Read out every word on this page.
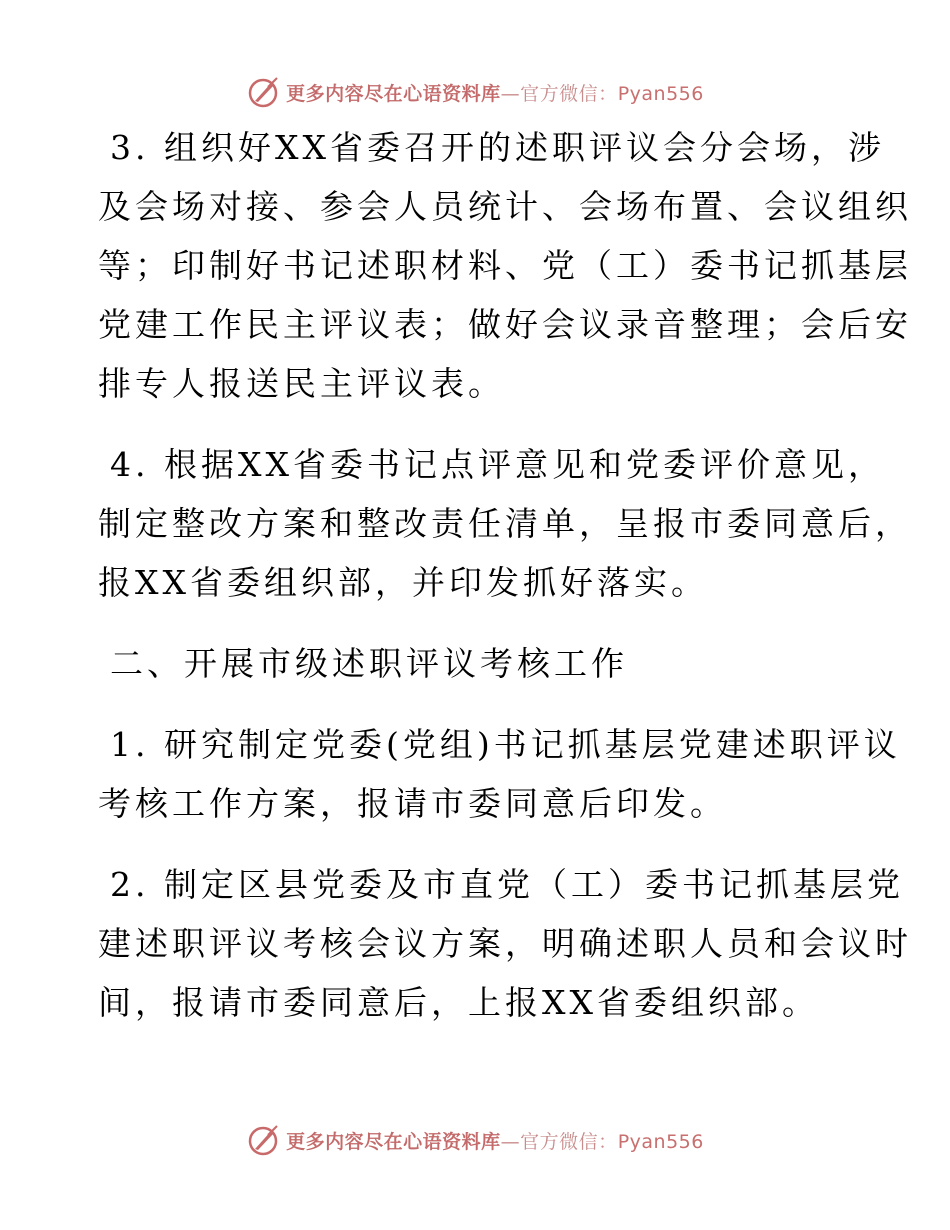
更多内容尽在心语资料库—官方微信：Pyan556
3. 组织好XX省委召开的述职评议会分会场，涉
及会场对接、参会人员统计、会场布置、会议组织
等；印制好书记述职材料、党（工）委书记抓基层
党建工作民主评议表；做好会议录音整理；会后安
排专人报送民主评议表。
4. 根据XX省委书记点评意见和党委评价意见，
制定整改方案和整改责任清单，呈报市委同意后，
报XX省委组织部，并印发抓好落实。
二、开展市级述职评议考核工作
1. 研究制定党委(党组)书记抓基层党建述职评议
考核工作方案，报请市委同意后印发。
2. 制定区县党委及市直党（工）委书记抓基层党
建述职评议考核会议方案，明确述职人员和会议时
间，报请市委同意后，上报XX省委组织部。
更多内容尽在心语资料库—官方微信：Pyan556
